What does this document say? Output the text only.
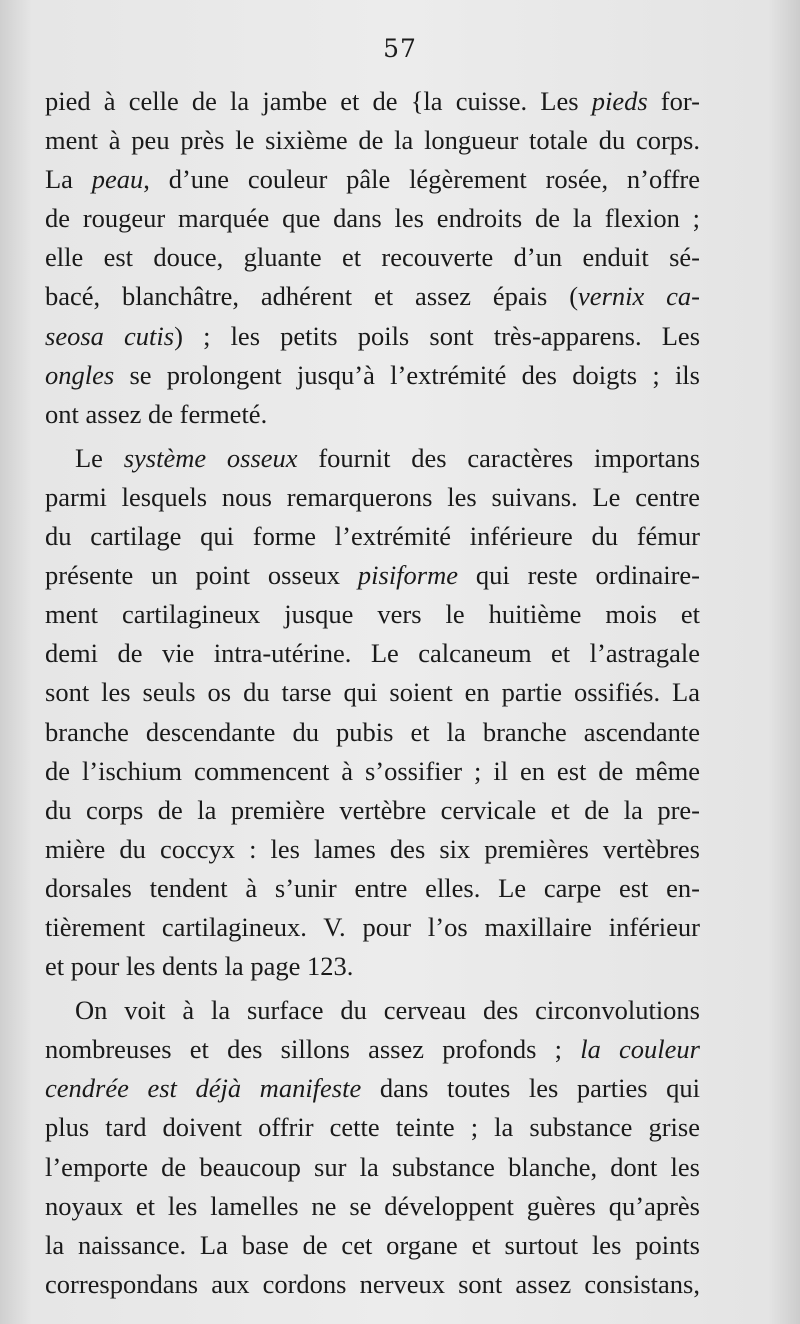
57
pied à celle de la jambe et de {la cuisse. Les pieds for-
ment à peu près le sixième de la longueur totale du corps.
La peau, d’une couleur pâle légèrement rosée, n’offre
de rougeur marquée que dans les endroits de la flexion ;
elle est douce, gluante et recouverte d’un enduit sé-
bacé, blanchâtre, adhérent et assez épais (vernix ca-
seosa cutis) ; les petits poils sont très-apparens. Les
ongles se prolongent jusqu’à l’extrémité des doigts ; ils
ont assez de fermeté.
Le système osseux fournit des caractères importans
parmi lesquels nous remarquerons les suivans. Le centre
du cartilage qui forme l’extrémité inférieure du fémur
présente un point osseux pisiforme qui reste ordinaire-
ment cartilagineux jusque vers le huitième mois et
demi de vie intra-utérine. Le calcaneum et l’astragale
sont les seuls os du tarse qui soient en partie ossifiés. La
branche descendante du pubis et la branche ascendante
de l’ischium commencent à s’ossifier ; il en est de même
du corps de la première vertèbre cervicale et de la pre-
mière du coccyx : les lames des six premières vertèbres
dorsales tendent à s’unir entre elles. Le carpe est en-
tièrement cartilagineux. V. pour l’os maxillaire inférieur
et pour les dents la page 123.
On voit à la surface du cerveau des circonvolutions
nombreuses et des sillons assez profonds ; la couleur
cendrée est déjà manifeste dans toutes les parties qui
plus tard doivent offrir cette teinte ; la substance grise
l’emporte de beaucoup sur la substance blanche, dont les
noyaux et les lamelles ne se développent guères qu’après
la naissance. La base de cet organe et surtout les points
correspondans aux cordons nerveux sont assez consistans,
